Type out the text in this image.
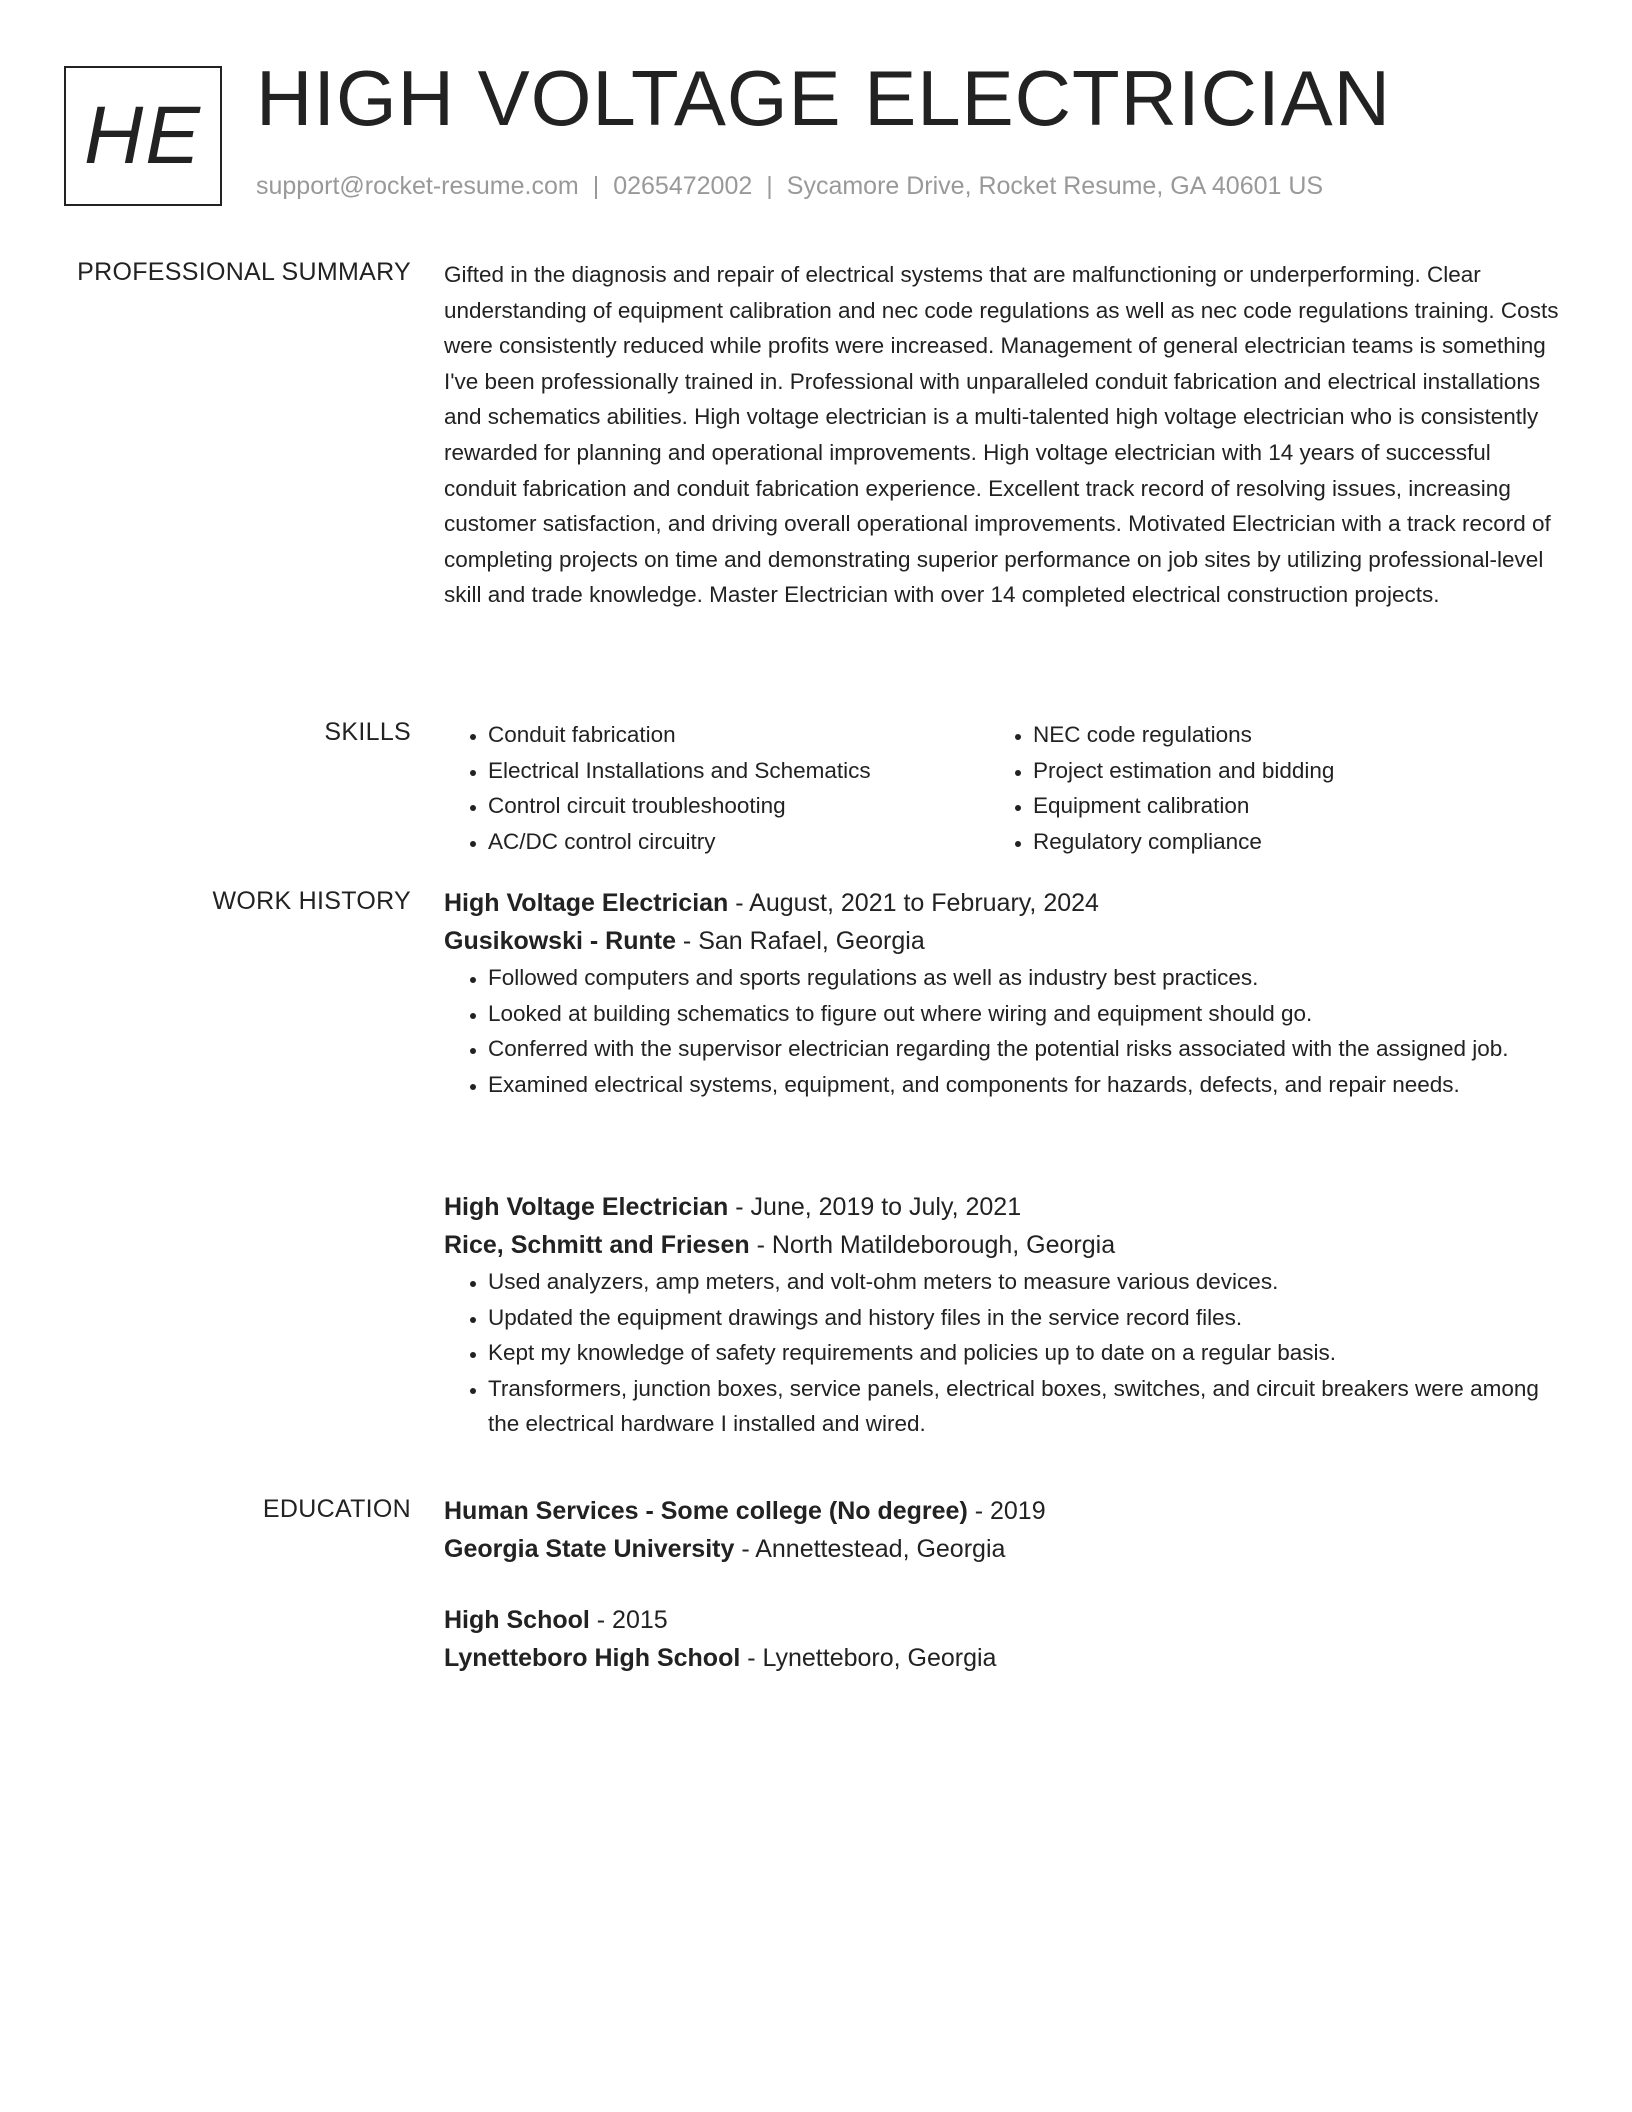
HE HIGH VOLTAGE ELECTRICIAN
support@rocket-resume.com | 0265472002 | Sycamore Drive, Rocket Resume, GA 40601 US
PROFESSIONAL SUMMARY Gifted in the diagnosis and repair of electrical systems that are malfunctioning or underperforming. Clear understanding of equipment calibration and nec code regulations as well as nec code regulations training. Costs were consistently reduced while profits were increased. Management of general electrician teams is something I've been professionally trained in. Professional with unparalleled conduit fabrication and electrical installations and schematics abilities. High voltage electrician is a multi-talented high voltage electrician who is consistently rewarded for planning and operational improvements. High voltage electrician with 14 years of successful conduit fabrication and conduit fabrication experience. Excellent track record of resolving issues, increasing customer satisfaction, and driving overall operational improvements. Motivated Electrician with a track record of completing projects on time and demonstrating superior performance on job sites by utilizing professional-level skill and trade knowledge. Master Electrician with over 14 completed electrical construction projects.

SKILLS
•	Conduit fabrication
• Electrical Installations and Schematics
• Control circuit troubleshooting
• AC/DC control circuitry
• NEC code regulations
• Project estimation and bidding
• Equipment calibration
• Regulatory compliance
WORK HISTORY High Voltage Electrician - August, 2021 to February, 2024

Gusikowski - Runte - San Rafael, Georgia

• Followed computers and sports regulations as well as industry best practices.
• Looked at building schematics to figure out where wiring and equipment should go.
• Conferred with the supervisor electrician regarding the potential risks associated with the assigned job.
• Examined electrical systems, equipment, and components for hazards, defects, and repair needs.

High Voltage Electrician - June, 2019 to July, 2021

Rice, Schmitt and Friesen - North Matildeborough, Georgia

• Used analyzers, amp meters, and volt-ohm meters to measure various devices.
• Updated the equipment drawings and history files in the service record files.
• Kept my knowledge of safety requirements and policies up to date on a regular basis.
• Transformers, junction boxes, service panels, electrical boxes, switches, and circuit breakers were among the electrical hardware I installed and wired.
EDUCATION Human Services - Some college (No degree) - 2019

Georgia State University - Annettestead, Georgia

High School - 2015

Lynetteboro High School - Lynetteboro, Georgia
